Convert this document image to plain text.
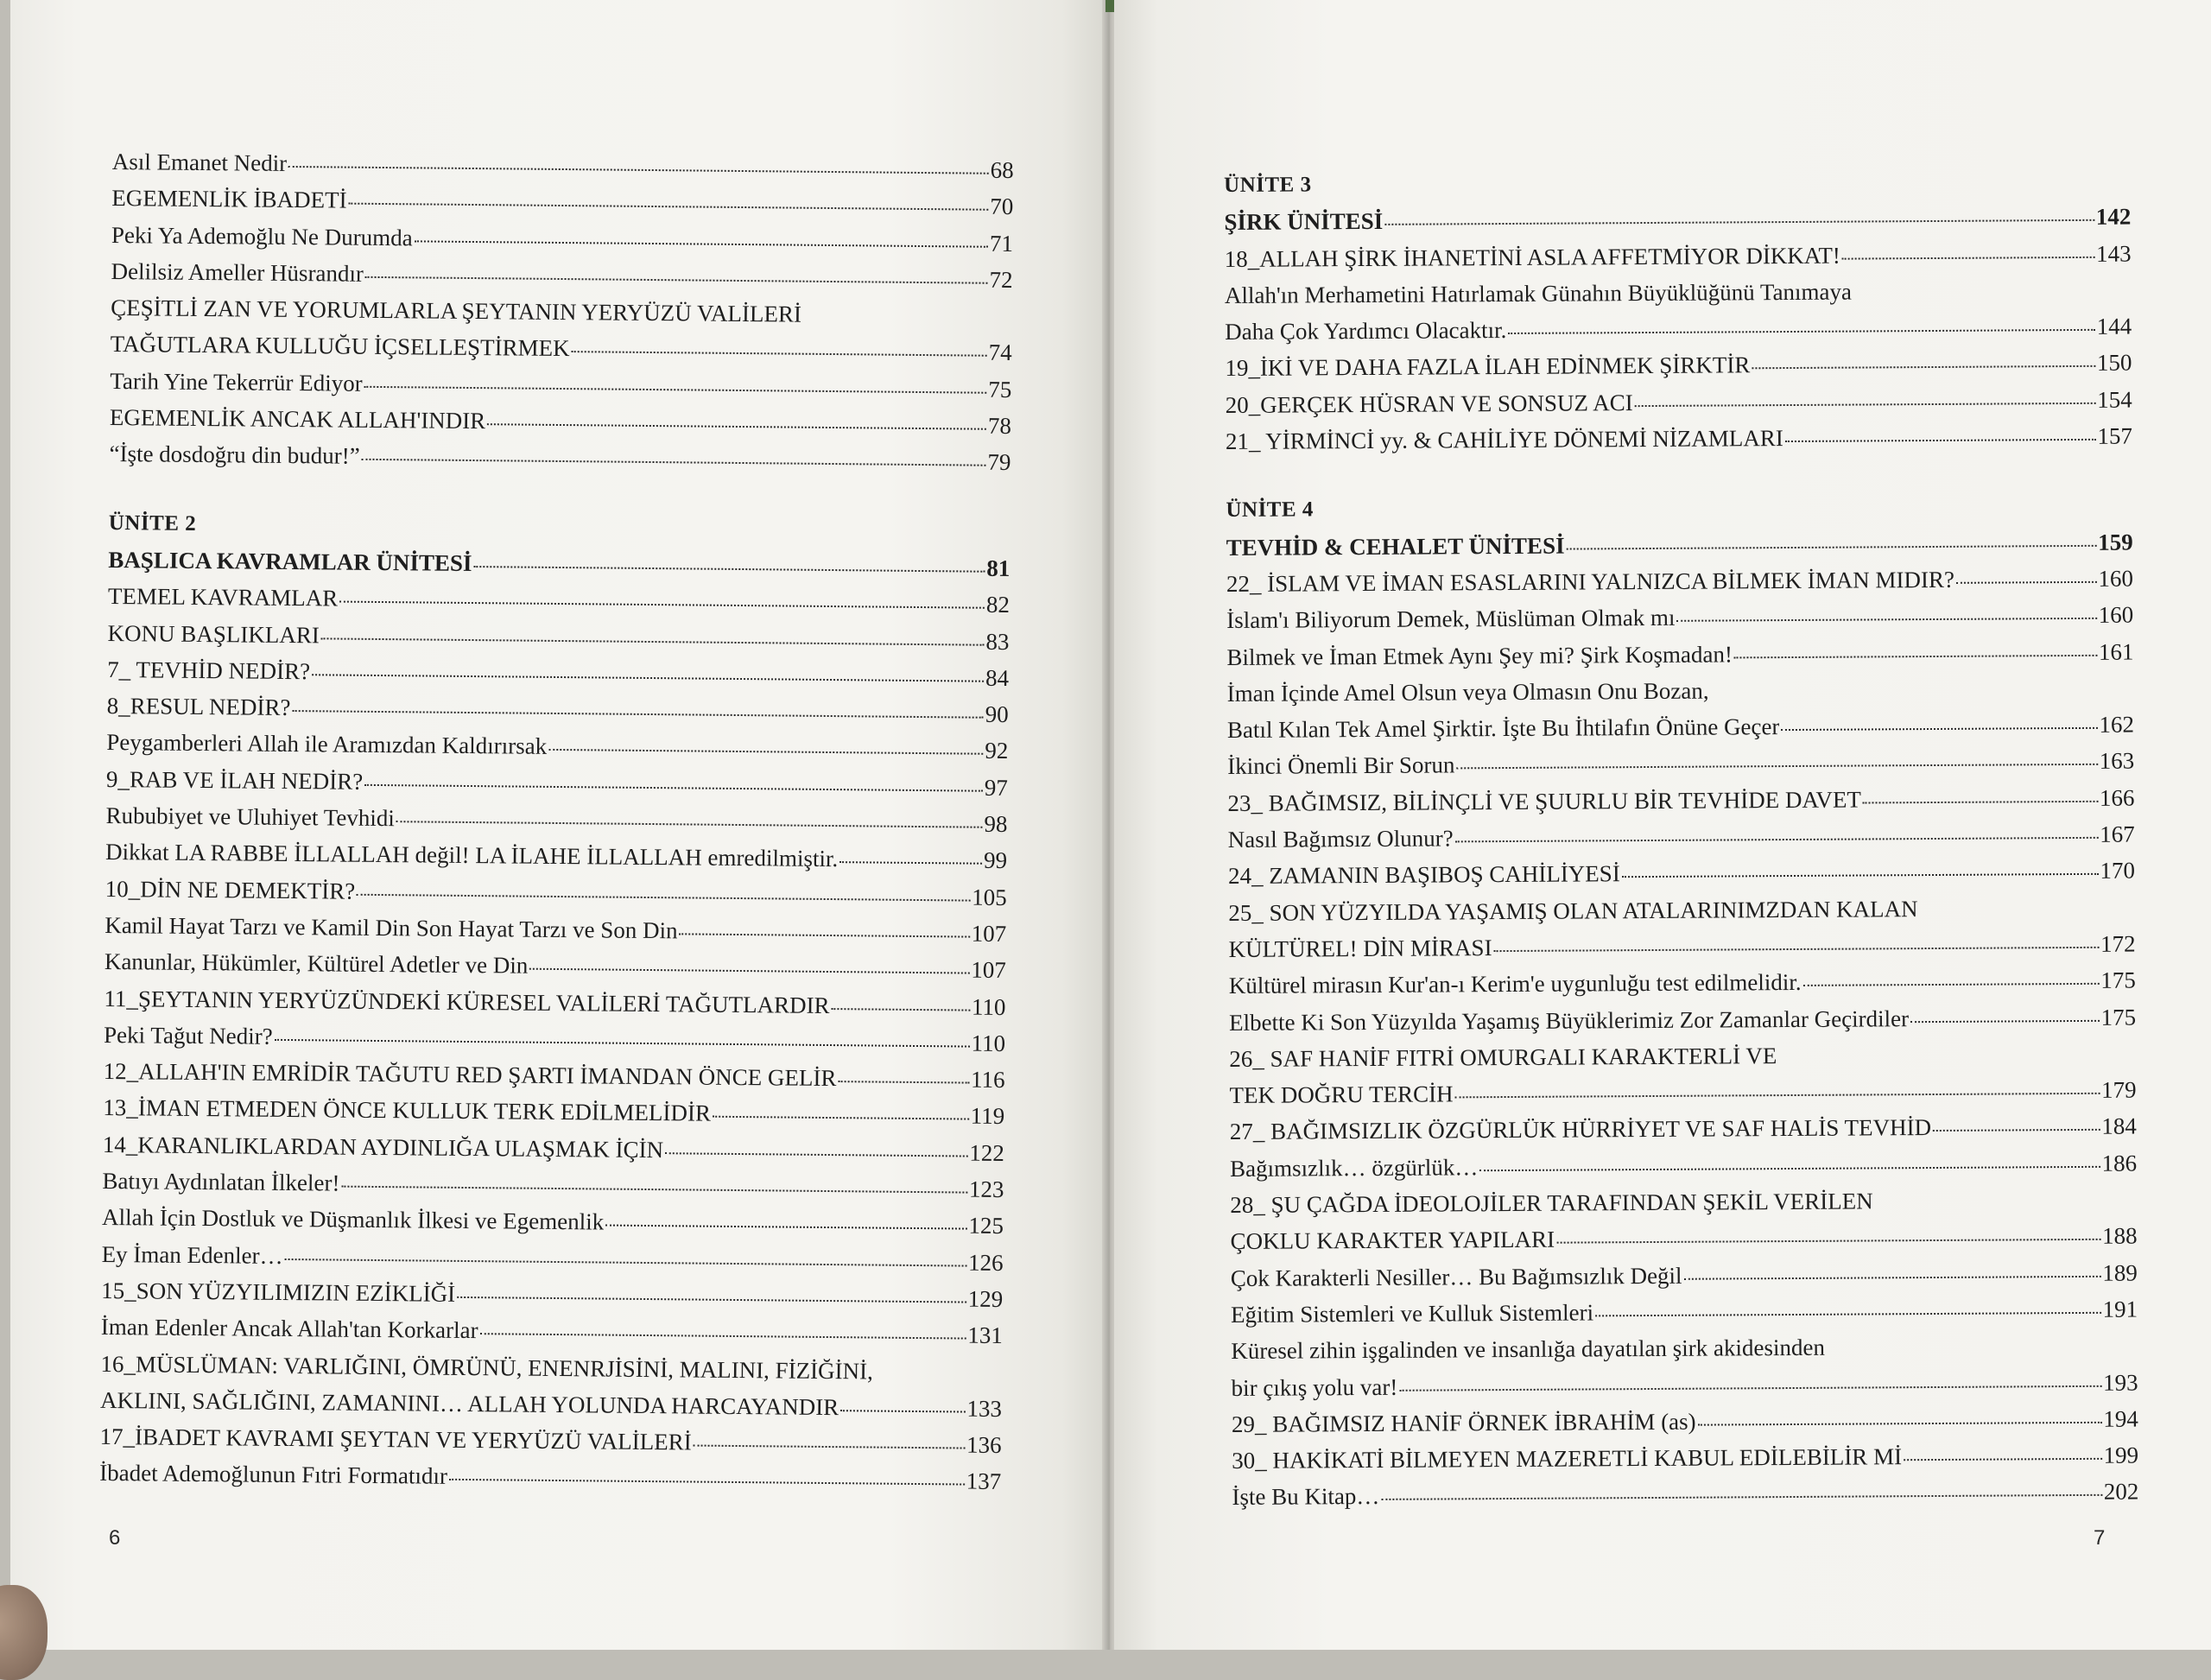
Asıl Emanet Nedir	68
EGEMENLİK İBADETİ	70
Peki Ya Ademoğlu Ne Durumda	71
Delilsiz Ameller Hüsrandır	72
ÇEŞİTLİ ZAN VE YORUMLARLA ŞEYTANIN YERYÜZÜ VALİLERİ
TAĞUTLARA KULLUĞU İÇSELLEŞTİRMEK	74
Tarih Yine Tekerrür Ediyor	75
EGEMENLİK ANCAK ALLAH'INDIR	78
“İşte dosdoğru din budur!”	79
ÜNİTE 2
BAŞLICA KAVRAMLAR ÜNİTESİ	81
TEMEL KAVRAMLAR	82
KONU BAŞLIKLARI	83
7_ TEVHİD NEDİR?	84
8_RESUL NEDİR?	90
Peygamberleri Allah ile Aramızdan Kaldırırsak	92
9_RAB VE İLAH NEDİR?	97
Rububiyet ve Uluhiyet Tevhidi	98
Dikkat LA RABBE İLLALLAH değil! LA İLAHE İLLALLAH emredilmiştir.	99
10_DİN NE DEMEKTİR?	105
Kamil Hayat Tarzı ve Kamil Din Son Hayat Tarzı ve Son Din	107
Kanunlar, Hükümler, Kültürel Adetler ve Din	107
11_ŞEYTANIN YERYÜZÜNDEKİ KÜRESEL VALİLERİ TAĞUTLARDIR	110
Peki Tağut Nedir?	110
12_ALLAH'IN EMRİDİR TAĞUTU RED ŞARTI İMANDAN ÖNCE GELİR	116
13_İMAN ETMEDEN ÖNCE KULLUK TERK EDİLMELİDİR	119
14_KARANLIKLARDAN AYDINLIĞA ULAŞMAK İÇİN	122
Batıyı Aydınlatan İlkeler!	123
Allah İçin Dostluk ve Düşmanlık İlkesi ve Egemenlik	125
Ey İman Edenler…	126
15_SON YÜZYILIMIZIN EZİKLİĞİ	129
İman Edenler Ancak Allah'tan Korkarlar	131
16_MÜSLÜMAN: VARLIĞINI, ÖMRÜNÜ, ENENRJİSİNİ, MALINI, FİZİĞİNİ,
AKLINI, SAĞLIĞINI, ZAMANINI… ALLAH YOLUNDA HARCAYANDIR	133
17_İBADET KAVRAMI ŞEYTAN VE YERYÜZÜ VALİLERİ	136
İbadet Ademoğlunun Fıtri Formatıdır	137
6
ÜNİTE 3
ŞİRK ÜNİTESİ	142
18_ALLAH ŞİRK İHANETİNİ ASLA AFFETMİYOR DİKKAT!	143
Allah'ın Merhametini Hatırlamak Günahın Büyüklüğünü Tanımaya
Daha Çok Yardımcı Olacaktır.	144
19_İKİ VE DAHA FAZLA İLAH EDİNMEK ŞİRKTİR	150
20_GERÇEK HÜSRAN VE SONSUZ ACI	154
21_ YİRMİNCİ yy. & CAHİLİYE DÖNEMİ NİZAMLARI	157
ÜNİTE 4
TEVHİD & CEHALET ÜNİTESİ	159
22_ İSLAM VE İMAN ESASLARINI YALNIZCA BİLMEK İMAN MIDIR?	160
İslam'ı Biliyorum Demek, Müslüman Olmak mı	160
Bilmek ve İman Etmek Aynı Şey mi? Şirk Koşmadan!	161
İman İçinde Amel Olsun veya Olmasın Onu Bozan,
Batıl Kılan Tek Amel Şirktir. İşte Bu İhtilafın Önüne Geçer	162
İkinci Önemli Bir Sorun	163
23_ BAĞIMSIZ, BİLİNÇLİ VE ŞUURLU BİR TEVHİDE DAVET	166
Nasıl Bağımsız Olunur?	167
24_ ZAMANIN BAŞIBOŞ CAHİLİYESİ	170
25_ SON YÜZYILDA YAŞAMIŞ OLAN ATALARINIMZDAN KALAN
KÜLTÜREL! DİN MİRASI	172
Kültürel mirasın Kur'an-ı Kerim'e uygunluğu test edilmelidir.	175
Elbette Ki Son Yüzyılda Yaşamış Büyüklerimiz Zor Zamanlar Geçirdiler	175
26_ SAF HANİF FITRİ OMURGALI KARAKTERLİ VE
TEK DOĞRU TERCİH	179
27_ BAĞIMSIZLIK ÖZGÜRLÜK HÜRRİYET VE SAF HALİS TEVHİD	184
Bağımsızlık… özgürlük…	186
28_ ŞU ÇAĞDA İDEOLOJİLER TARAFINDAN ŞEKİL VERİLEN
ÇOKLU KARAKTER YAPILARI	188
Çok Karakterli Nesiller… Bu Bağımsızlık Değil	189
Eğitim Sistemleri ve Kulluk Sistemleri	191
Küresel zihin işgalinden ve insanlığa dayatılan şirk akidesinden
bir çıkış yolu var!	193
29_ BAĞIMSIZ HANİF ÖRNEK İBRAHİM (as)	194
30_ HAKİKATİ BİLMEYEN MAZERETLİ KABUL EDİLEBİLİR Mİ	199
İşte Bu Kitap…	202
7
